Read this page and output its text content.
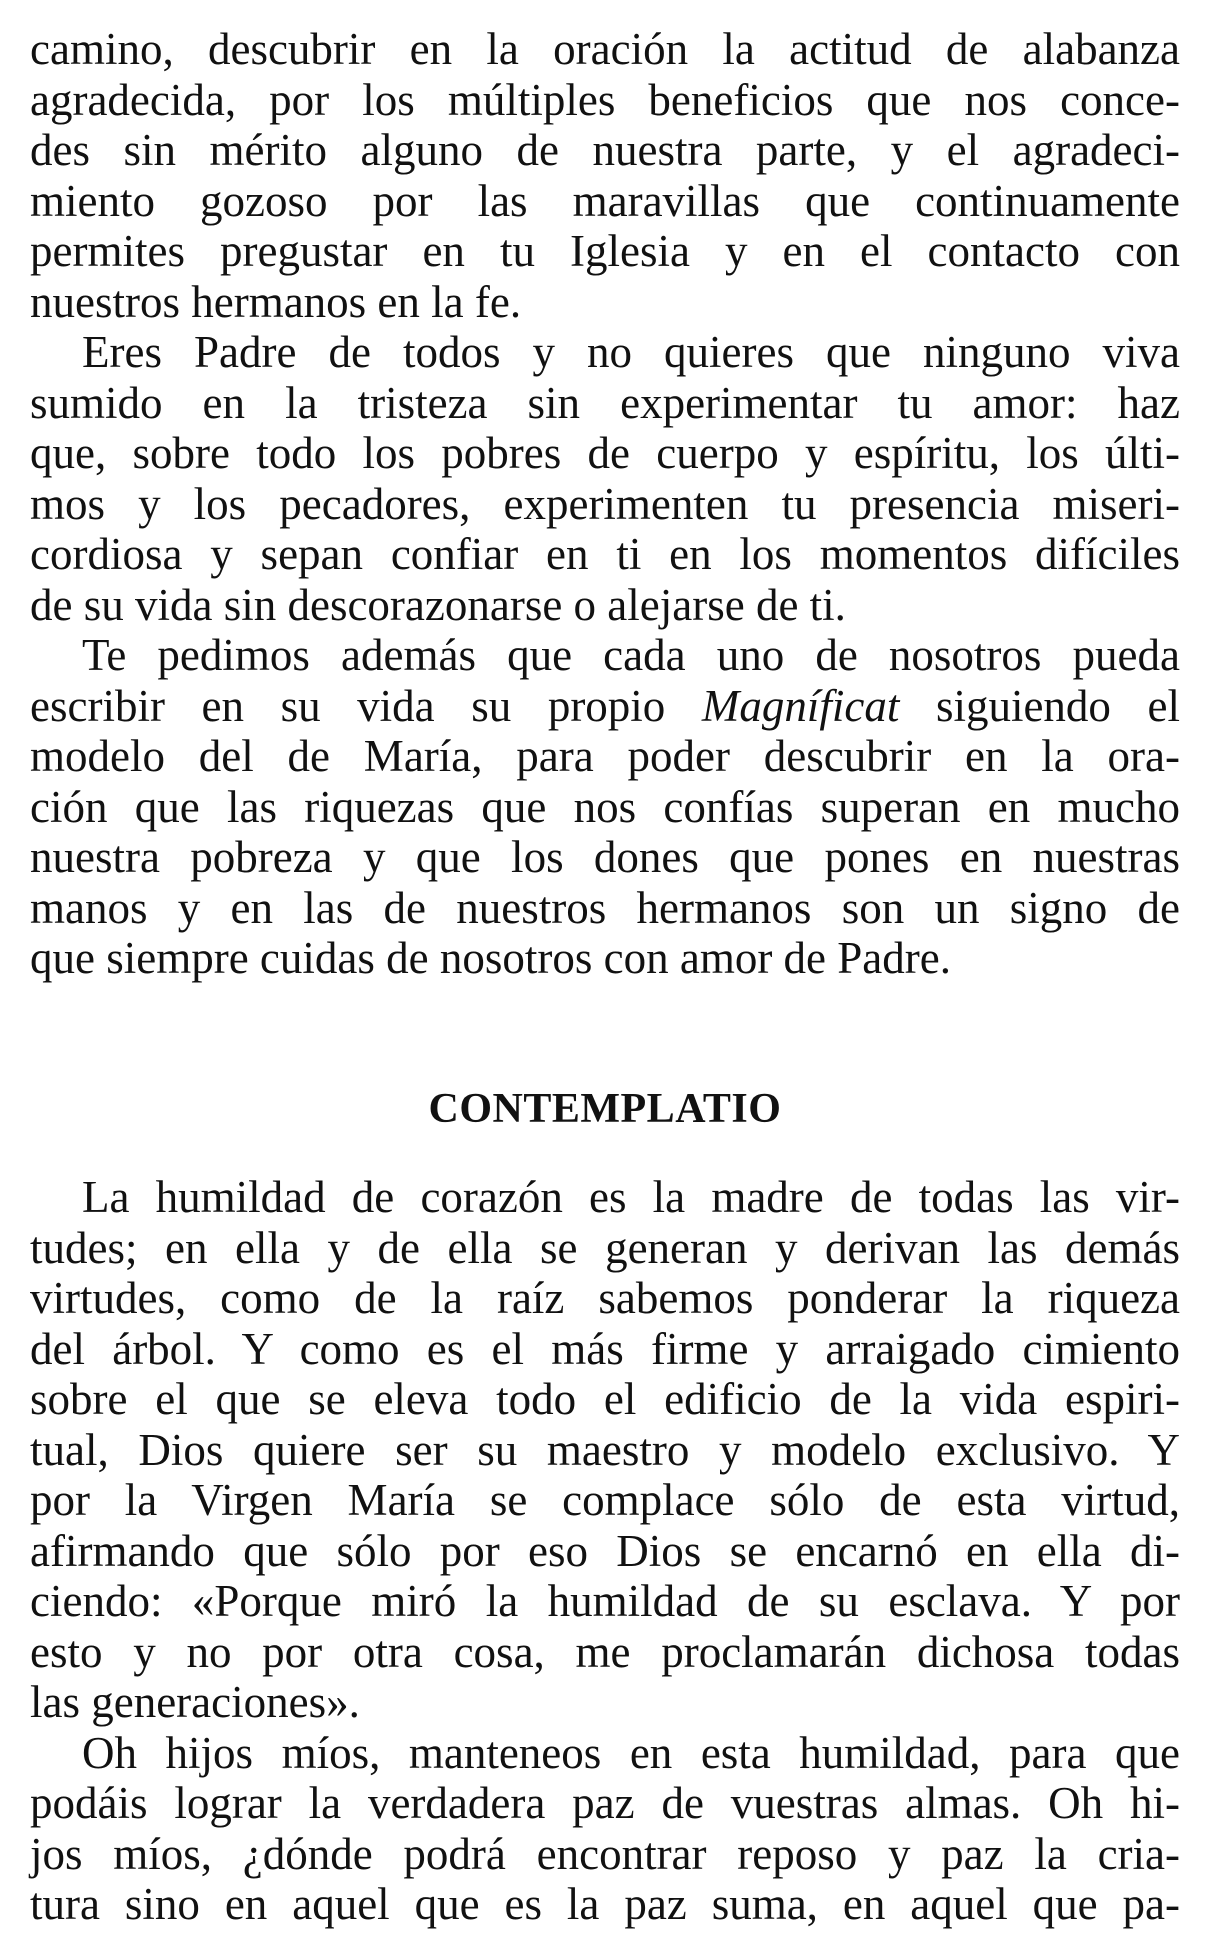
camino, descubrir en la oración la actitud de alabanza
agradecida, por los múltiples beneficios que nos conce-
des sin mérito alguno de nuestra parte, y el agradeci-
miento gozoso por las maravillas que continuamente
permites pregustar en tu Iglesia y en el contacto con
nuestros hermanos en la fe.
Eres Padre de todos y no quieres que ninguno viva
sumido en la tristeza sin experimentar tu amor: haz
que, sobre todo los pobres de cuerpo y espíritu, los últi-
mos y los pecadores, experimenten tu presencia miseri-
cordiosa y sepan confiar en ti en los momentos difíciles
de su vida sin descorazonarse o alejarse de ti.
Te pedimos además que cada uno de nosotros pueda
escribir en su vida su propio Magníficat siguiendo el
modelo del de María, para poder descubrir en la ora-
ción que las riquezas que nos confías superan en mucho
nuestra pobreza y que los dones que pones en nuestras
manos y en las de nuestros hermanos son un signo de
que siempre cuidas de nosotros con amor de Padre.
CONTEMPLATIO
La humildad de corazón es la madre de todas las vir-
tudes; en ella y de ella se generan y derivan las demás
virtudes, como de la raíz sabemos ponderar la riqueza
del árbol. Y como es el más firme y arraigado cimiento
sobre el que se eleva todo el edificio de la vida espiri-
tual, Dios quiere ser su maestro y modelo exclusivo. Y
por la Virgen María se complace sólo de esta virtud,
afirmando que sólo por eso Dios se encarnó en ella di-
ciendo: «Porque miró la humildad de su esclava. Y por
esto y no por otra cosa, me proclamarán dichosa todas
las generaciones».
Oh hijos míos, manteneos en esta humildad, para que
podáis lograr la verdadera paz de vuestras almas. Oh hi-
jos míos, ¿dónde podrá encontrar reposo y paz la cria-
tura sino en aquel que es la paz suma, en aquel que pa-
